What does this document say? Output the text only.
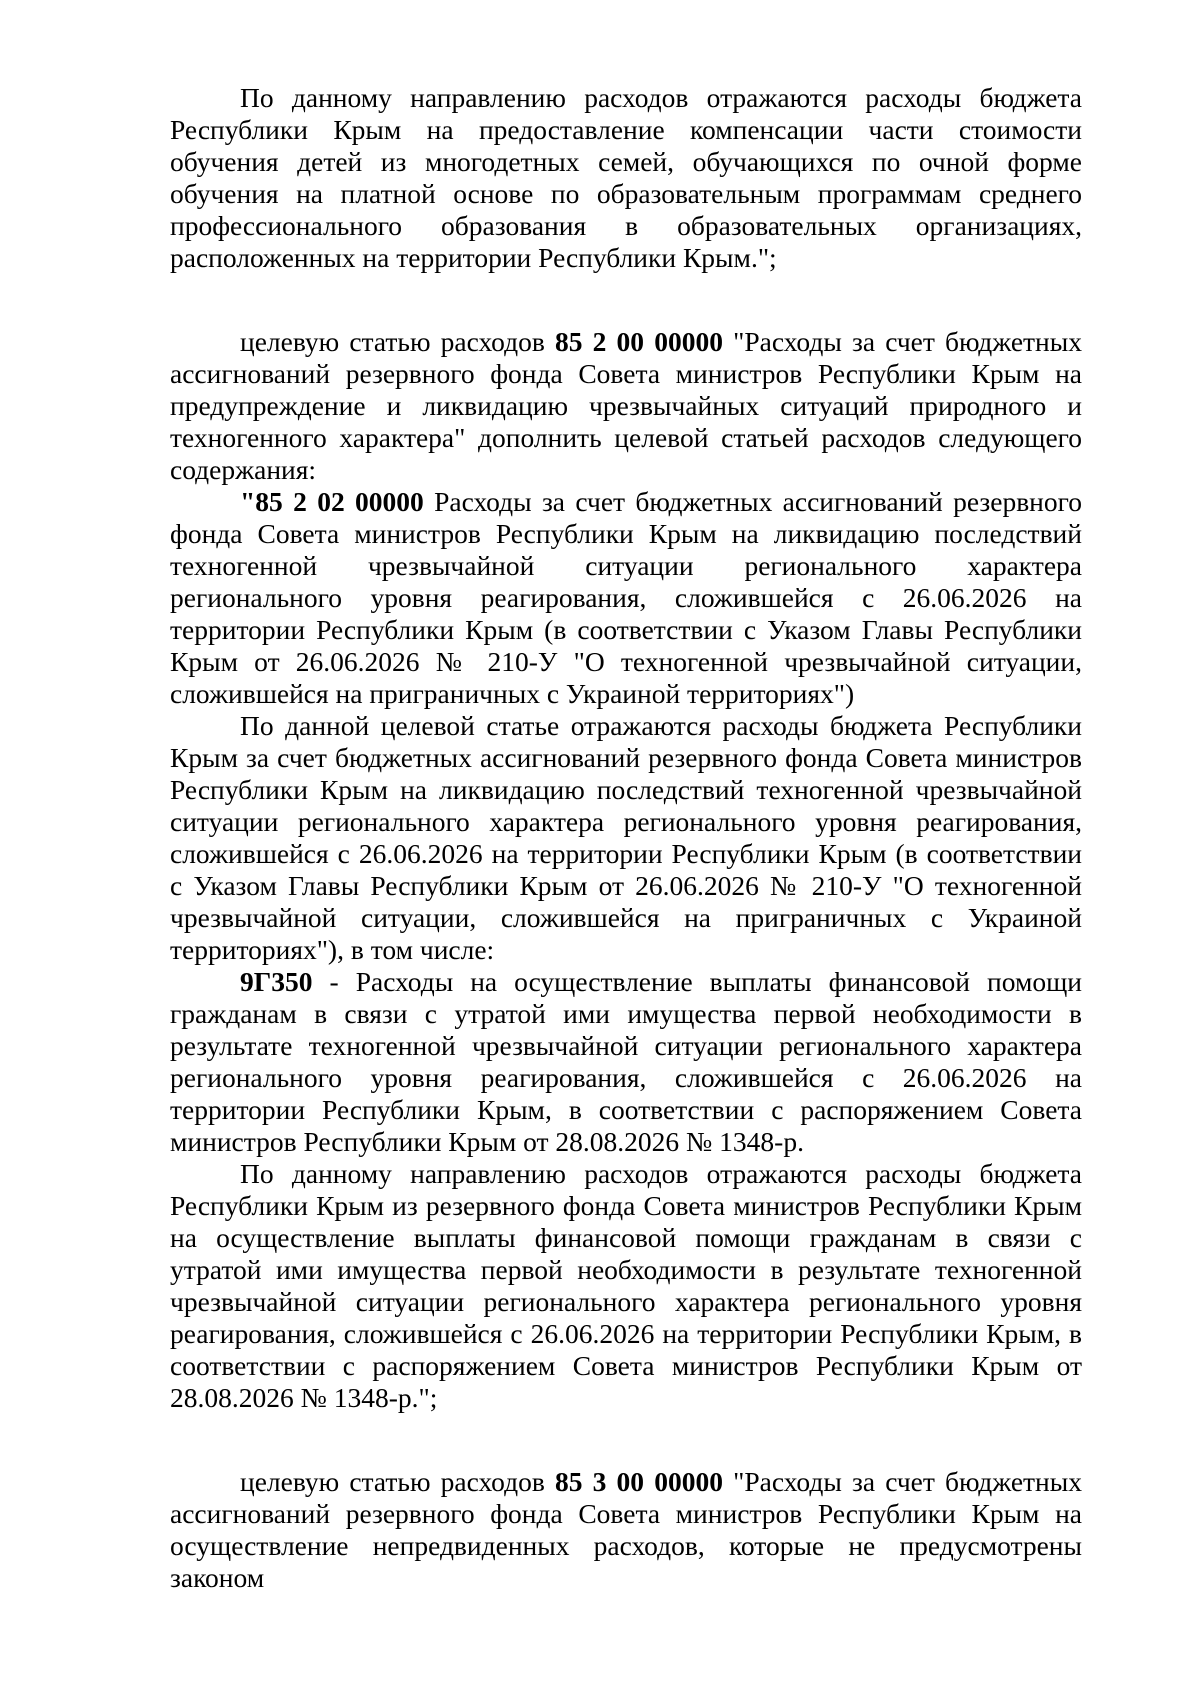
По данному направлению расходов отражаются расходы бюджета Республики Крым на предоставление компенсации части стоимости обучения детей из многодетных семей, обучающихся по очной форме обучения на платной основе по образовательным программам среднего профессионального образования в образовательных организациях, расположенных на территории Республики Крым.";

целевую статью расходов 85 2 00 00000 "Расходы за счет бюджетных ассигнований резервного фонда Совета министров Республики Крым на предупреждение и ликвидацию чрезвычайных ситуаций природного и техногенного характера" дополнить целевой статьей расходов следующего содержания:

"85 2 02 00000 Расходы за счет бюджетных ассигнований резервного фонда Совета министров Республики Крым на ликвидацию последствий техногенной чрезвычайной ситуации регионального характера регионального уровня реагирования, сложившейся с 26.06.2026 на территории Республики Крым (в соответствии с Указом Главы Республики Крым от 26.06.2026 № 210-У "О техногенной чрезвычайной ситуации, сложившейся на приграничных с Украиной территориях")

По данной целевой статье отражаются расходы бюджета Республики Крым за счет бюджетных ассигнований резервного фонда Совета министров Республики Крым на ликвидацию последствий техногенной чрезвычайной ситуации регионального характера регионального уровня реагирования, сложившейся с 26.06.2026 на территории Республики Крым (в соответствии с Указом Главы Республики Крым от 26.06.2026 № 210-У "О техногенной чрезвычайной ситуации, сложившейся на приграничных с Украиной территориях"), в том числе:

9Г350 - Расходы на осуществление выплаты финансовой помощи гражданам в связи с утратой ими имущества первой необходимости в результате техногенной чрезвычайной ситуации регионального характера регионального уровня реагирования, сложившейся с 26.06.2026 на территории Республики Крым, в соответствии с распоряжением Совета министров Республики Крым от 28.08.2026 № 1348-р.

По данному направлению расходов отражаются расходы бюджета Республики Крым из резервного фонда Совета министров Республики Крым на осуществление выплаты финансовой помощи гражданам в связи с утратой ими имущества первой необходимости в результате техногенной чрезвычайной ситуации регионального характера регионального уровня реагирования, сложившейся с 26.06.2026 на территории Республики Крым, в соответствии с распоряжением Совета министров Республики Крым от 28.08.2026 № 1348-р.";

целевую статью расходов 85 3 00 00000 "Расходы за счет бюджетных ассигнований резервного фонда Совета министров Республики Крым на осуществление непредвиденных расходов, которые не предусмотрены законом
